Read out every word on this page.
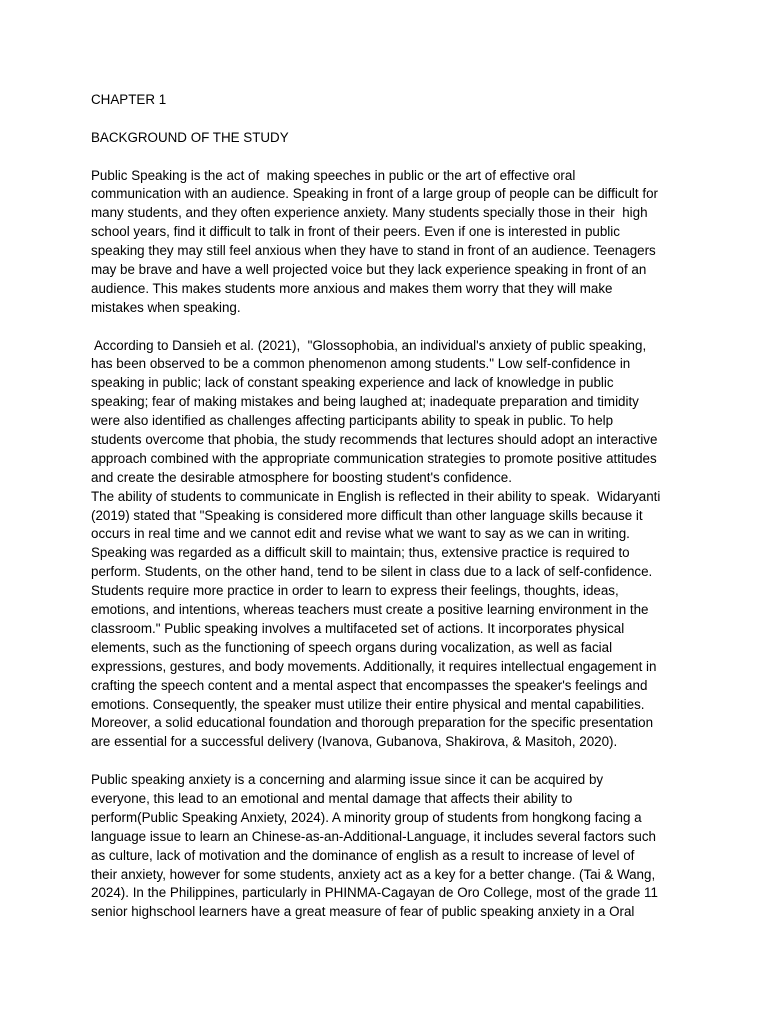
CHAPTER 1
BACKGROUND OF THE STUDY
Public Speaking is the act of  making speeches in public or the art of effective oral
communication with an audience. Speaking in front of a large group of people can be difficult for
many students, and they often experience anxiety. Many students specially those in their  high
school years, find it difficult to talk in front of their peers. Even if one is interested in public
speaking they may still feel anxious when they have to stand in front of an audience. Teenagers
may be brave and have a well projected voice but they lack experience speaking in front of an
audience. This makes students more anxious and makes them worry that they will make
mistakes when speaking.
According to Dansieh et al. (2021),  "Glossophobia, an individual's anxiety of public speaking,
has been observed to be a common phenomenon among students." Low self-confidence in
speaking in public; lack of constant speaking experience and lack of knowledge in public
speaking; fear of making mistakes and being laughed at; inadequate preparation and timidity
were also identified as challenges affecting participants ability to speak in public. To help
students overcome that phobia, the study recommends that lectures should adopt an interactive
approach combined with the appropriate communication strategies to promote positive attitudes
and create the desirable atmosphere for boosting student's confidence.
The ability of students to communicate in English is reflected in their ability to speak.  Widaryanti
(2019) stated that "Speaking is considered more difficult than other language skills because it
occurs in real time and we cannot edit and revise what we want to say as we can in writing.
Speaking was regarded as a difficult skill to maintain; thus, extensive practice is required to
perform. Students, on the other hand, tend to be silent in class due to a lack of self-confidence.
Students require more practice in order to learn to express their feelings, thoughts, ideas,
emotions, and intentions, whereas teachers must create a positive learning environment in the
classroom." Public speaking involves a multifaceted set of actions. It incorporates physical
elements, such as the functioning of speech organs during vocalization, as well as facial
expressions, gestures, and body movements. Additionally, it requires intellectual engagement in
crafting the speech content and a mental aspect that encompasses the speaker's feelings and
emotions. Consequently, the speaker must utilize their entire physical and mental capabilities.
Moreover, a solid educational foundation and thorough preparation for the specific presentation
are essential for a successful delivery (Ivanova, Gubanova, Shakirova, & Masitoh, 2020).
Public speaking anxiety is a concerning and alarming issue since it can be acquired by
everyone, this lead to an emotional and mental damage that affects their ability to
perform(Public Speaking Anxiety, 2024). A minority group of students from hongkong facing a
language issue to learn an Chinese-as-an-Additional-Language, it includes several factors such
as culture, lack of motivation and the dominance of english as a result to increase of level of
their anxiety, however for some students, anxiety act as a key for a better change. (Tai & Wang,
2024). In the Philippines, particularly in PHINMA-Cagayan de Oro College, most of the grade 11
senior highschool learners have a great measure of fear of public speaking anxiety in a Oral
